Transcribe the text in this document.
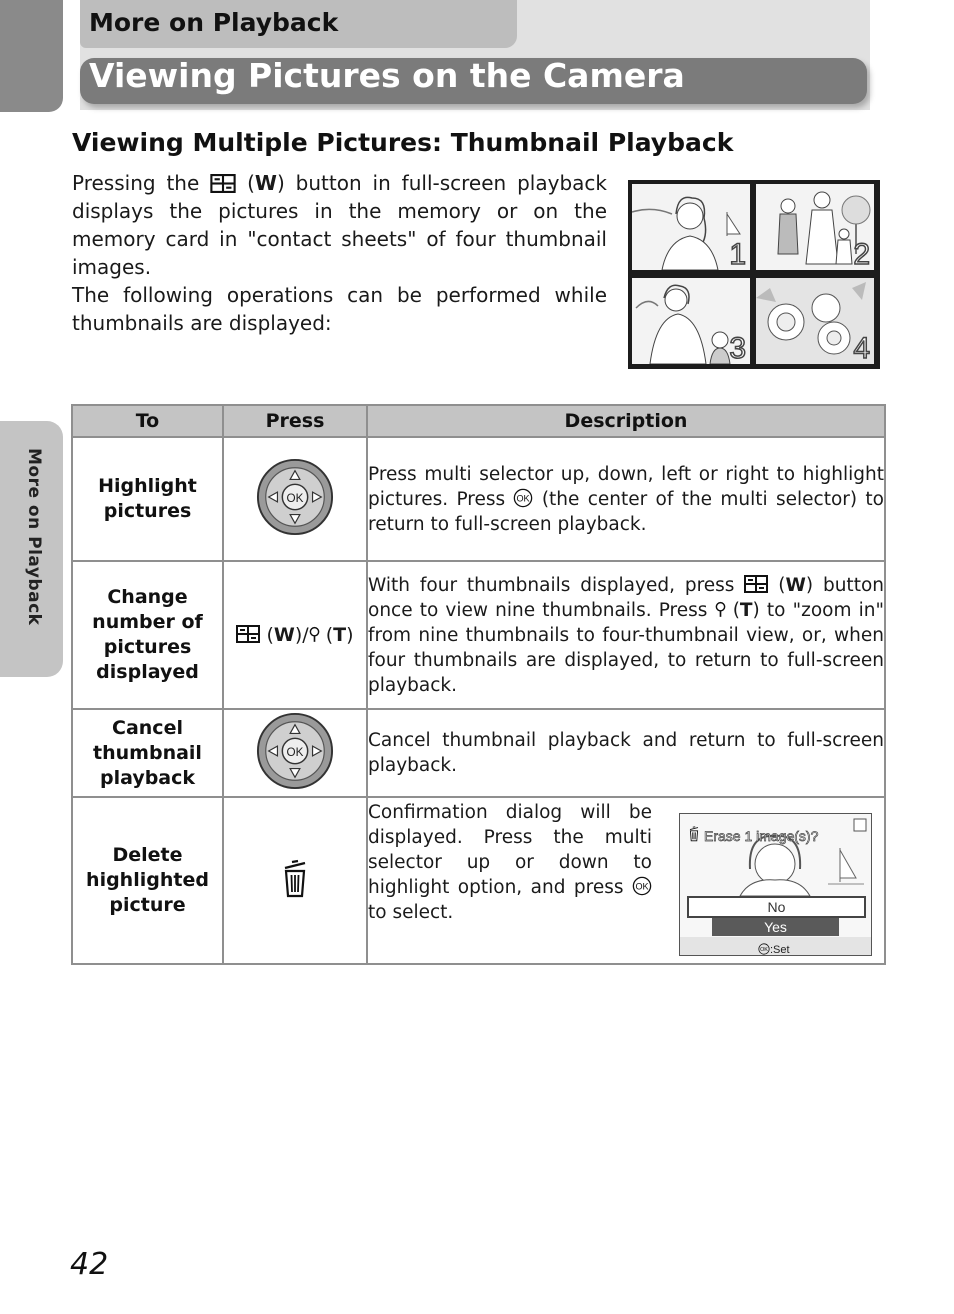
More on Playback
Viewing Pictures on the Camera
More on Playback
Viewing Multiple Pictures: Thumbnail Playback

Pressing the  (W) button in full-screen playback displays the pictures in the memory or on the memory card in "contact sheets" of four thumbnail images.

The following operations can be performed while thumbnails are displayed:

1	2
3	4
To	Press	Description
Highlight pictures		Press multi selector up, down, left or right to highlight pictures. Press (the center of the multi selector) to return to full-screen playback.
Change number of pictures displayed	(W)/ (T)	With four thumbnails displayed, press  (W) button once to view nine thumbnails. Press  (T) to "zoom in" from nine thumbnails to four-thumbnail view, or, when four thumbnails are displayed, to return to full-screen playback.
Cancel thumbnail playback		Cancel thumbnail playback and return to full-screen playback.
Delete highlighted picture		Confirmation dialog will be displayed. Press the multi selector up or down to highlight option, and press  to select.
Erase 1 image(s)?
No
Yes
:Set
42
